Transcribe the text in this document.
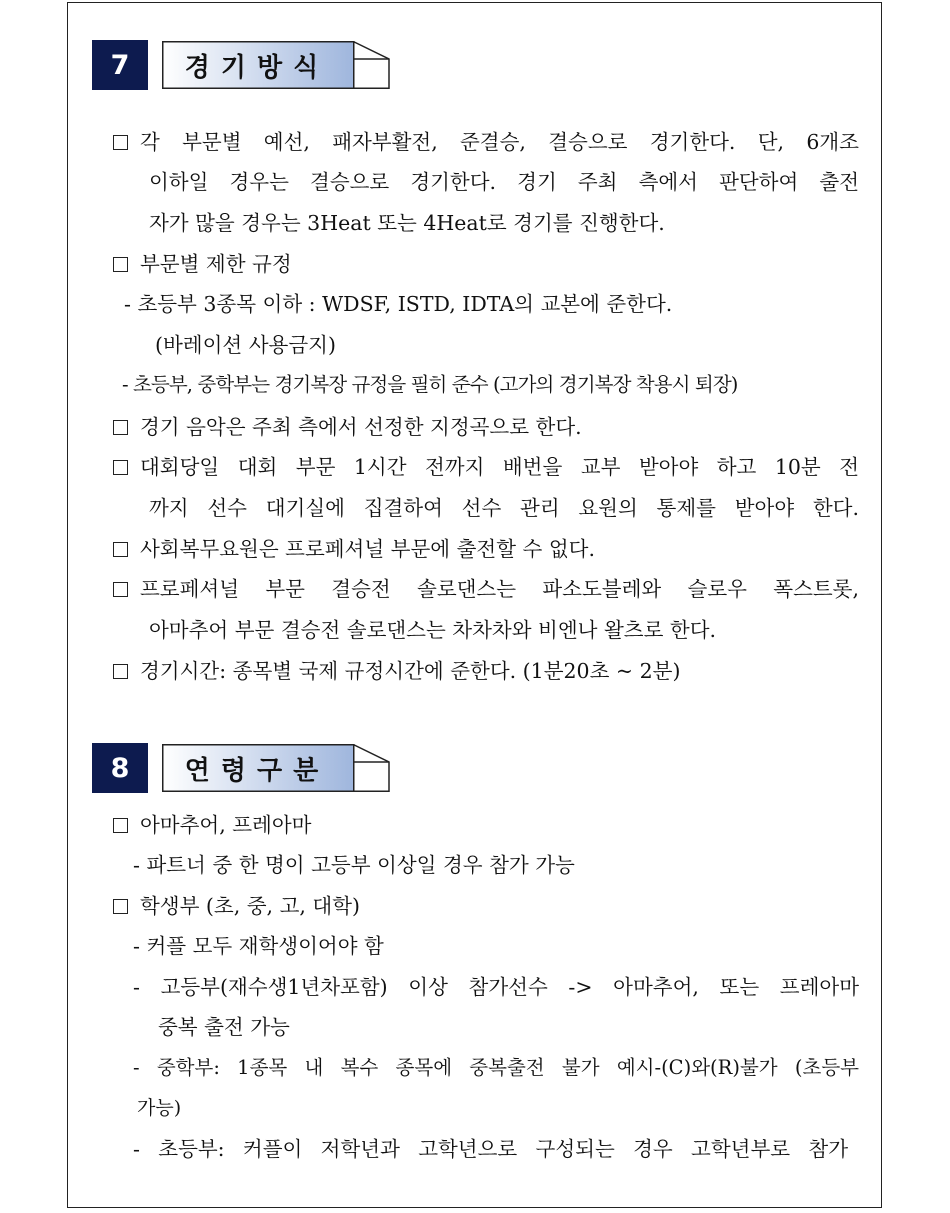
7	경기방식
각 부문별 예선, 패자부활전, 준결승, 결승으로 경기한다. 단, 6개조
이하일 경우는 결승으로 경기한다. 경기 주최 측에서 판단하여 출전
자가 많을 경우는 3Heat 또는 4Heat로 경기를 진행한다.
부문별 제한 규정
- 초등부 3종목 이하 : WDSF, ISTD, IDTA의 교본에 준한다.
(바레이션 사용금지)
- 초등부, 중학부는 경기복장 규정을 필히 준수 (고가의 경기복장 착용시 퇴장)
경기 음악은 주최 측에서 선정한 지정곡으로 한다.
대회당일 대회 부문 1시간 전까지 배번을 교부 받아야 하고 10분 전
까지 선수 대기실에 집결하여 선수 관리 요원의 통제를 받아야 한다.
사회복무요원은 프로페셔널 부문에 출전할 수 없다.
프로페셔널 부문 결승전 솔로댄스는 파소도블레와 슬로우 폭스트롯,
아마추어 부문 결승전 솔로댄스는 차차차와 비엔나 왈츠로 한다.
경기시간: 종목별 국제 규정시간에 준한다. (1분20초 ~ 2분)
8	연령구분
아마추어, 프레아마
- 파트너 중 한 명이 고등부 이상일 경우 참가 가능
학생부 (초, 중, 고, 대학)
- 커플 모두 재학생이어야 함
- 고등부(재수생1년차포함) 이상 참가선수 -> 아마추어, 또는 프레아마
중복 출전 가능
- 중학부: 1종목 내 복수 종목에 중복출전 불가 예시-(C)와(R)불가 (초등부
가능)
- 초등부: 커플이 저학년과 고학년으로 구성되는 경우 고학년부로 참가
